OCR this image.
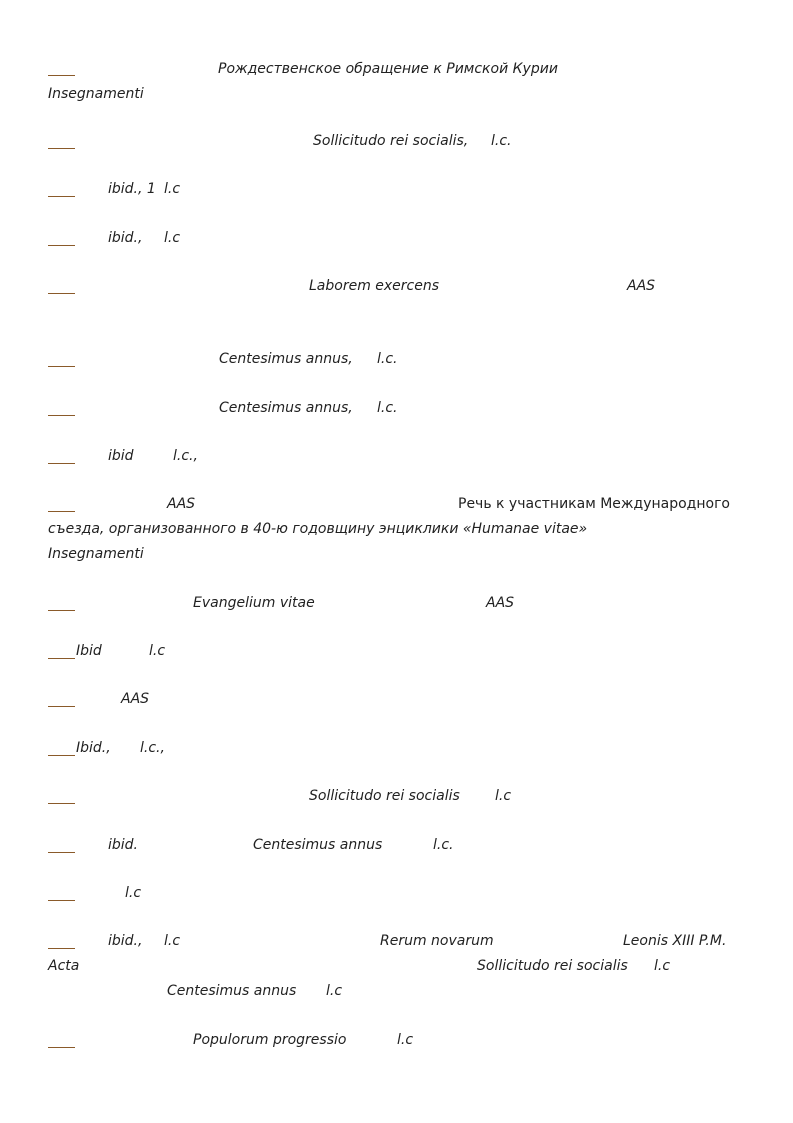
Рождественское обращение к Римской Курии
Insegnamenti
Sollicitudo rei socialis, l.c.
ibid., 1 l.c
ibid., l.c
Laborem exercens	AAS
Centesimus annus, l.c.
Centesimus annus, l.c.
ibid	l.c.,
AAS	Речь к участникам Международного
съезда, организованного в 40-ю годовщину энциклики «Humanae vitae»
Insegnamenti
Evangelium vitae	AAS
Ibid	l.c
AAS
Ibid., l.c.,
Sollicitudo rei socialis	l.c
ibid.	Centesimus annus	l.c.
l.c
ibid., l.c	Rerum novarum	Leonis XIII P.M.
Acta	Sollicitudo rei socialis l.c
Centesimus annus l.c
Populorum progressio	l.c
